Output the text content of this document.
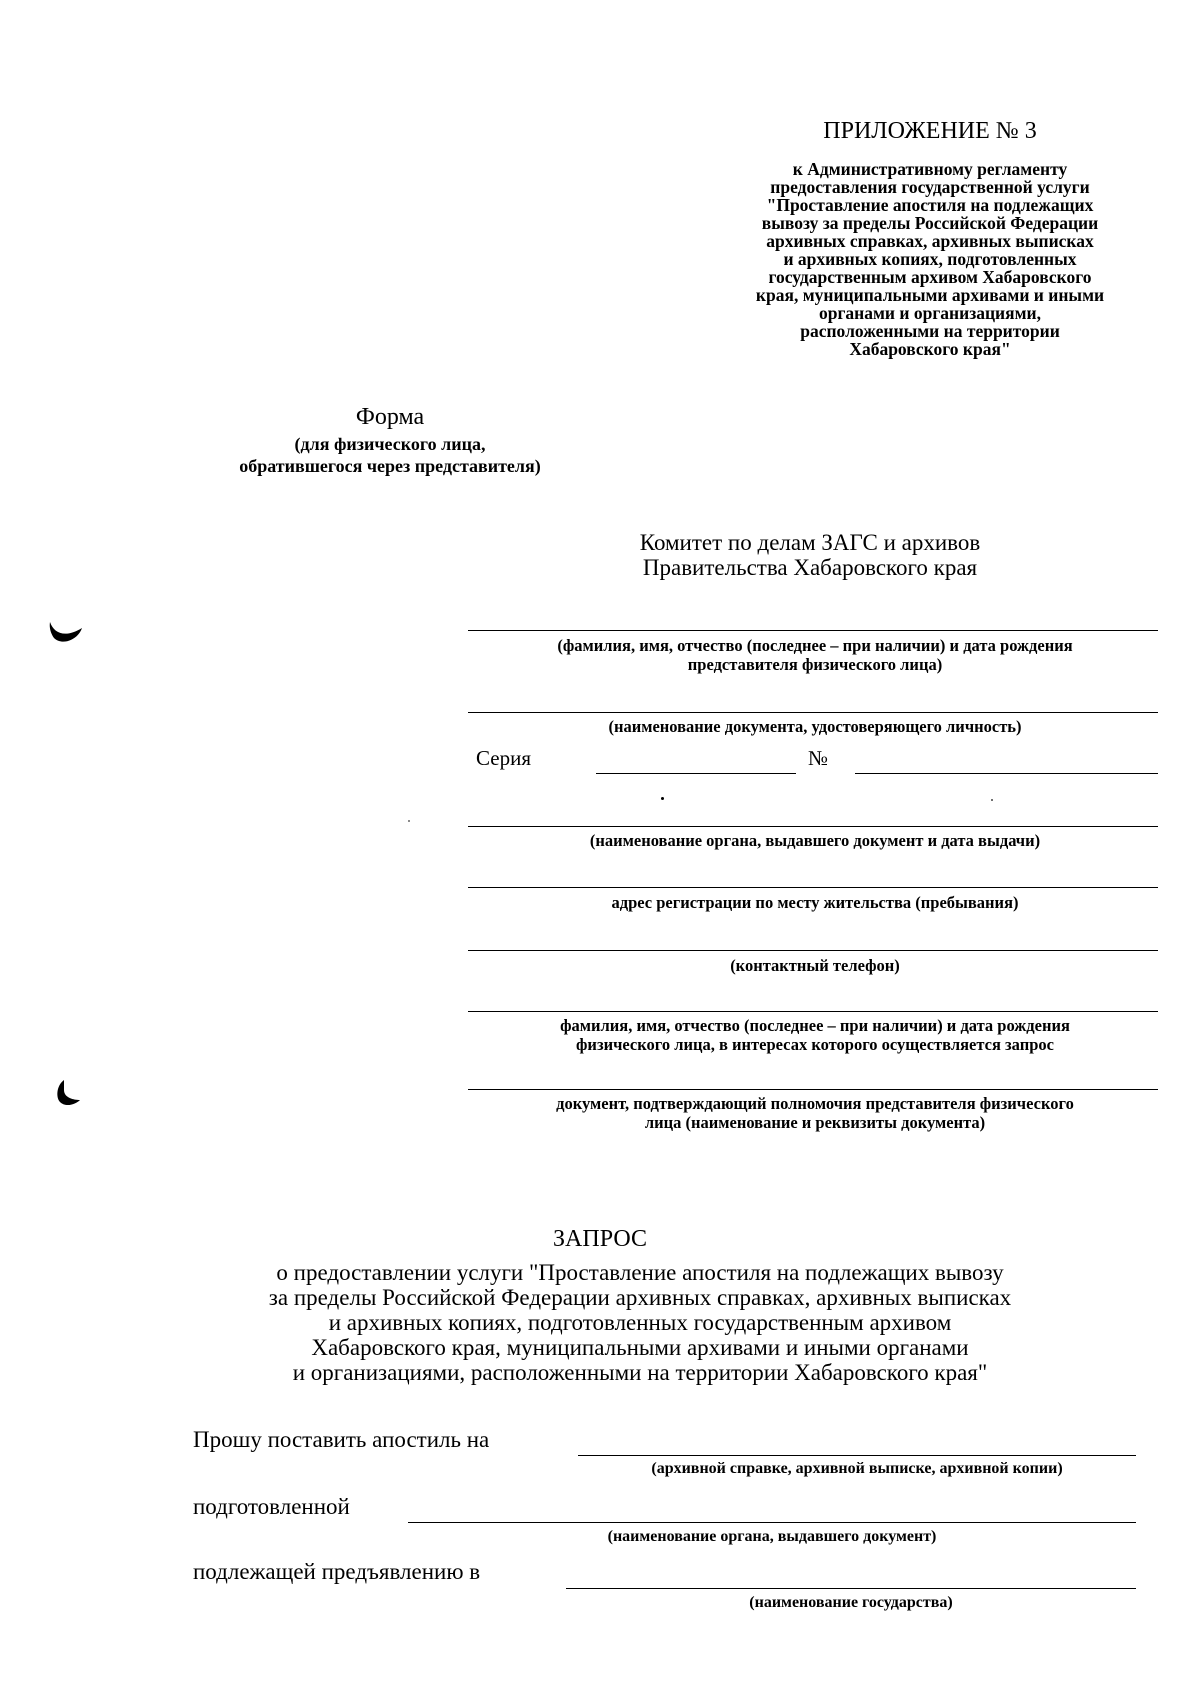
ПРИЛОЖЕНИЕ № 3
к Административному регламенту
предоставления государственной услуги
"Проставление апостиля на подлежащих
вывозу за пределы Российской Федерации
архивных справках, архивных выписках
и архивных копиях, подготовленных
государственным архивом Хабаровского
края, муниципальными архивами и иными
органами и организациями,
расположенными на территории
Хабаровского края"
Форма
(для физического лица,
обратившегося через представителя)
Комитет по делам ЗАГС и архивов
Правительства Хабаровского края
(фамилия, имя, отчество (последнее – при наличии) и дата рождения
представителя физического лица)
(наименование документа, удостоверяющего личность)
Серия	№
(наименование органа, выдавшего документ и дата выдачи)
адрес регистрации по месту жительства (пребывания)
(контактный телефон)
фамилия, имя, отчество (последнее – при наличии) и дата рождения
физического лица, в интересах которого осуществляется запрос
документ, подтверждающий полномочия представителя физического
лица (наименование и реквизиты документа)
ЗАПРОС
о предоставлении услуги "Проставление апостиля на подлежащих вывозу
за пределы Российской Федерации архивных справках, архивных выписках
и архивных копиях, подготовленных государственным архивом
Хабаровского края, муниципальными архивами и иными органами
и организациями, расположенными на территории Хабаровского края"
Прошу поставить апостиль на
(архивной справке, архивной выписке, архивной копии)
подготовленной
(наименование органа, выдавшего документ)
подлежащей предъявлению в
(наименование государства)
